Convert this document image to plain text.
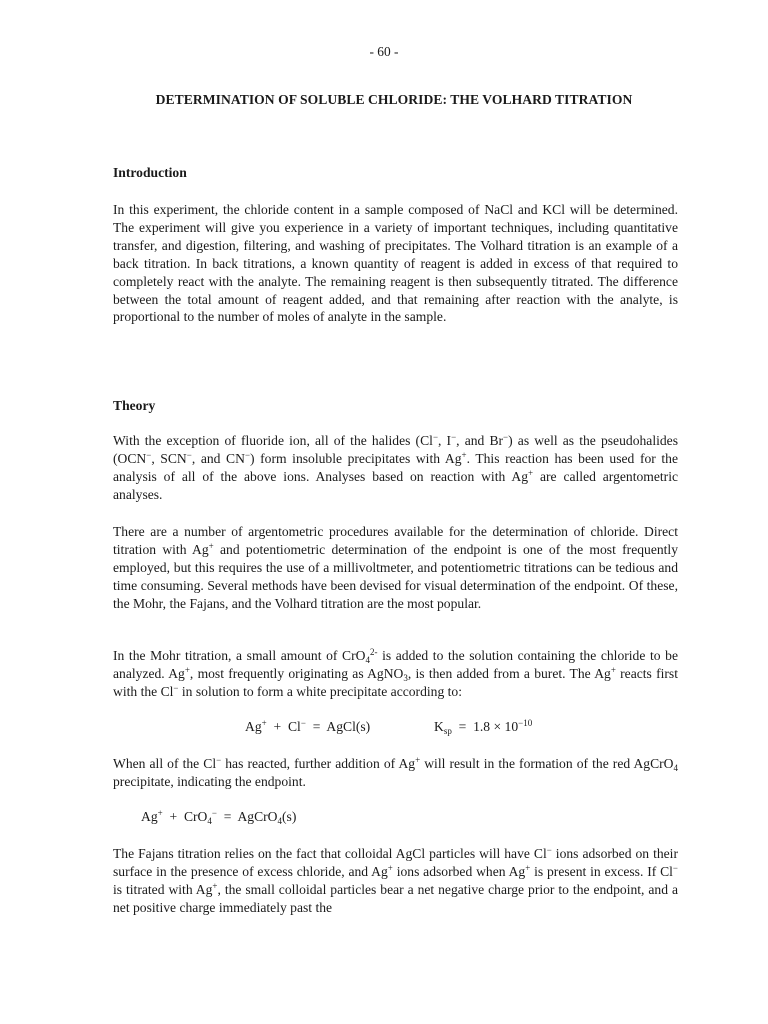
- 60 -
DETERMINATION OF SOLUBLE CHLORIDE: THE VOLHARD TITRATION
Introduction

In this experiment, the chloride content in a sample composed of NaCl and KCl will be determined. The experiment will give you experience in a variety of important techniques, including quantitative transfer, and digestion, filtering, and washing of precipitates. The Volhard titration is an example of a back titration. In back titrations, a known quantity of reagent is added in excess of that required to completely react with the analyte. The remaining reagent is then subsequently titrated. The difference between the total amount of reagent added, and that remaining after reaction with the analyte, is proportional to the number of moles of analyte in the sample.

Theory

With the exception of fluoride ion, all of the halides (Cl−, I−, and Br−) as well as the pseudohalides (OCN−, SCN−, and CN−) form insoluble precipitates with Ag+. This reaction has been used for the analysis of all of the above ions. Analyses based on reaction with Ag+ are called argentometric analyses.

There are a number of argentometric procedures available for the determination of chloride. Direct titration with Ag+ and potentiometric determination of the endpoint is one of the most frequently employed, but this requires the use of a millivoltmeter, and potentiometric titrations can be tedious and time consuming. Several methods have been devised for visual determination of the endpoint. Of these, the Mohr, the Fajans, and the Volhard titration are the most popular.

In the Mohr titration, a small amount of CrO$_4^{2-}$ is added to the solution containing the chloride to be analyzed. Ag+, most frequently originating as AgNO$_3$, is then added from a buret. The Ag+ reacts first with the Cl− in solution to form a white precipitate according to:

Ag+  +  Cl−  =  AgCl(s)	$K_{sp} = 1.8 \times 10^{-10}$

When all of the Cl− has reacted, further addition of Ag+ will result in the formation of the red AgCrO$_4$ precipitate, indicating the endpoint.

Ag+  +  CrO$_4$−  =  AgCrO$_4$(s)

The Fajans titration relies on the fact that colloidal AgCl particles will have Cl− ions adsorbed on their surface in the presence of excess chloride, and Ag+ ions adsorbed when Ag+ is present in excess. If Cl− is titrated with Ag+, the small colloidal particles bear a net negative charge prior to the endpoint, and a net positive charge immediately past the
